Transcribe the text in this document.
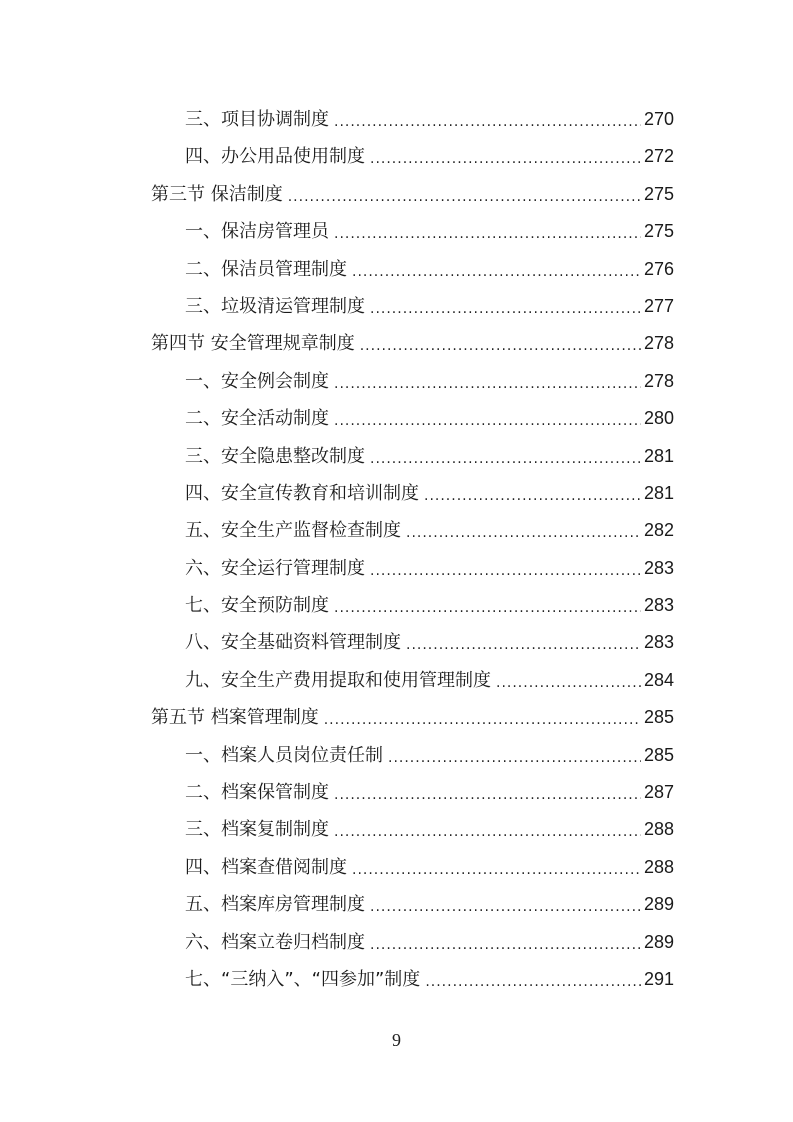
三、项目协调制度 .....	270
四、办公用品使用制度 .....	272
第三节 保洁制度 .....	275
一、保洁房管理员 .....	275
二、保洁员管理制度 .....	276
三、垃圾清运管理制度 .....	277
第四节 安全管理规章制度 .....	278
一、安全例会制度 .....	278
二、安全活动制度 .....	280
三、安全隐患整改制度 .....	281
四、安全宣传教育和培训制度 .....	281
五、安全生产监督检查制度 .....	282
六、安全运行管理制度 .....	283
七、安全预防制度 .....	283
八、安全基础资料管理制度 .....	283
九、安全生产费用提取和使用管理制度 .....	284
第五节 档案管理制度 .....	285
一、档案人员岗位责任制 .....	285
二、档案保管制度 .....	287
三、档案复制制度 .....	288
四、档案查借阅制度 .....	288
五、档案库房管理制度 .....	289
六、档案立卷归档制度 .....	289
七、“三纳入”、“四参加”制度 .....	291
9
